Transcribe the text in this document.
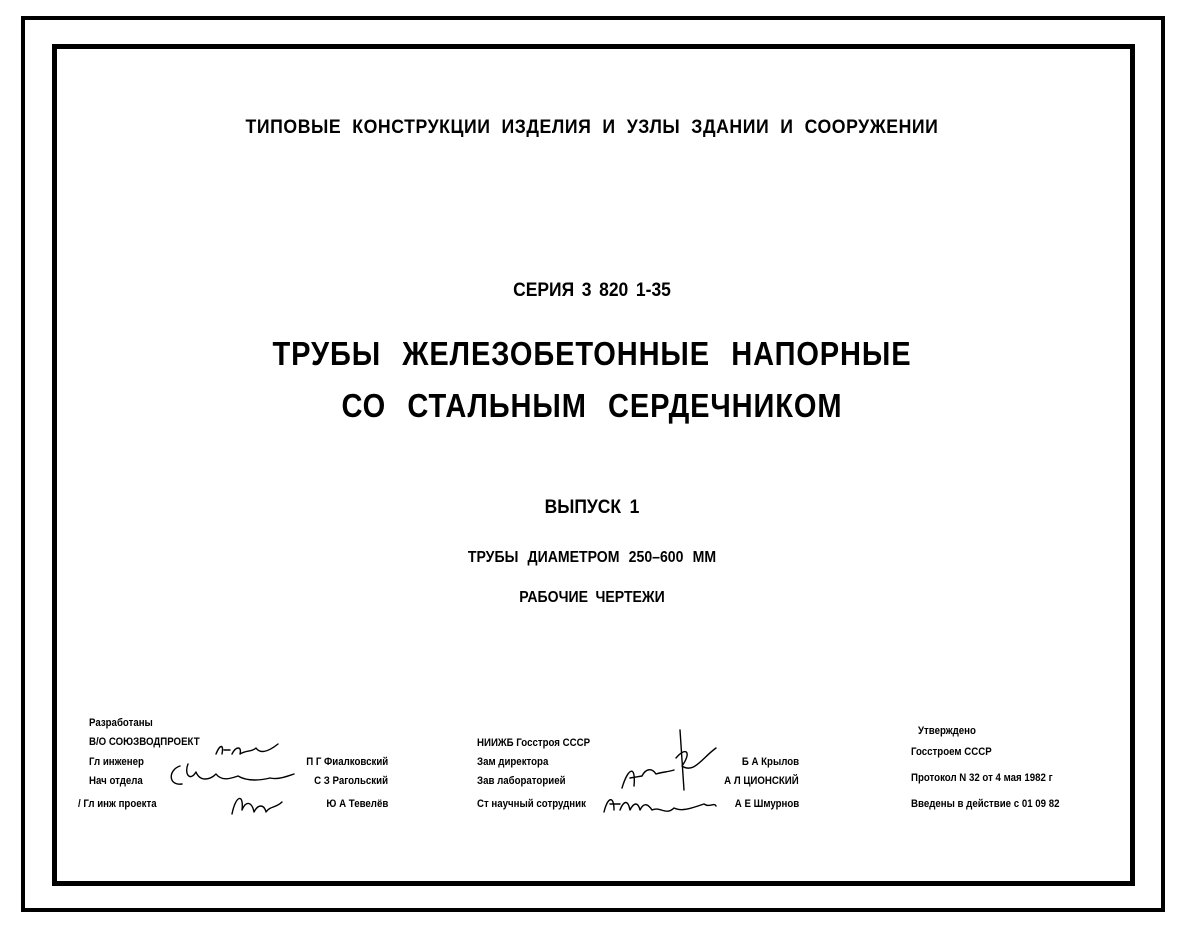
ТИПОВЫЕ КОНСТРУКЦИИ ИЗДЕЛИЯ И УЗЛЫ ЗДАНИИ И СООРУЖЕНИИ
СЕРИЯ 3 820 1-35
ТРУБЫ ЖЕЛЕЗОБЕТОННЫЕ НАПОРНЫЕ
СО СТАЛЬНЫМ СЕРДЕЧНИКОМ
ВЫПУСК 1
ТРУБЫ ДИАМЕТРОМ 250–600 ММ
РАБОЧИЕ ЧЕРТЕЖИ
Разработаны
В/О СОЮЗВОДПРОЕКТ
Гл инженер
Нач отдела
/ Гл инж проекта
П Г Фиалковский
С З Рагольский
Ю А Тевелёв
НИИЖБ Госстроя СССР
Зам директора
Зав лабораторией
Ст научный сотрудник
Б А Крылов
А Л ЦИОНСКИЙ
А Е Шмурнов
Утверждено
Госстроем СССР
Протокол N 32 от 4 мая 1982 г
Введены в действие с 01 09 82
